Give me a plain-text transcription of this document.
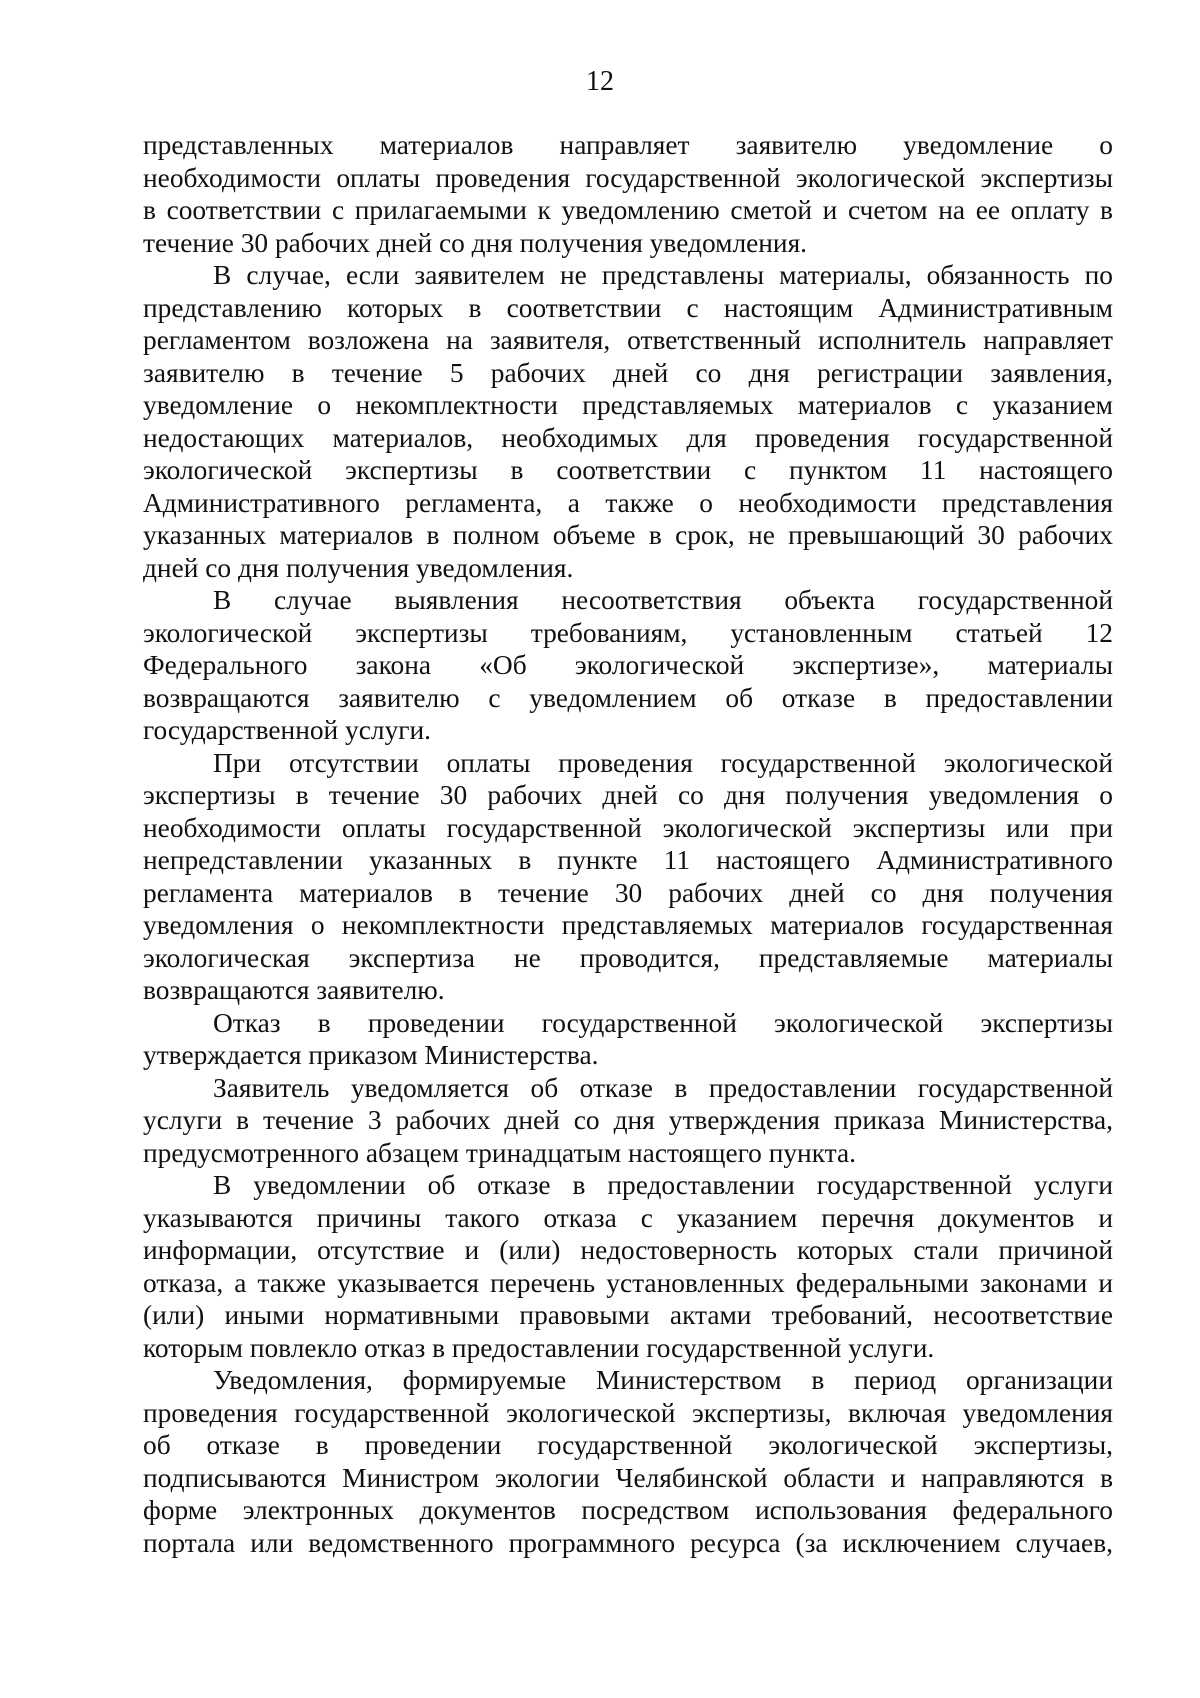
12

представленных материалов направляет заявителю уведомление о

необходимости оплаты проведения государственной экологической экспертизы

в соответствии с прилагаемыми к уведомлению сметой и счетом на ее оплату в

течение 30 рабочих дней со дня получения уведомления.

В случае, если заявителем не представлены материалы, обязанность по

представлению которых в соответствии с настоящим Административным

регламентом возложена на заявителя, ответственный исполнитель направляет

заявителю в течение 5 рабочих дней со дня регистрации заявления,

уведомление о некомплектности представляемых материалов с указанием

недостающих материалов, необходимых для проведения государственной

экологической экспертизы в соответствии с пунктом 11 настоящего

Административного регламента, а также о необходимости представления

указанных материалов в полном объеме в срок, не превышающий 30 рабочих

дней со дня получения уведомления.

В случае выявления несоответствия объекта государственной

экологической экспертизы требованиям, установленным статьей 12

Федерального закона «Об экологической экспертизе», материалы

возвращаются заявителю с уведомлением об отказе в предоставлении

государственной услуги.

При отсутствии оплаты проведения государственной экологической

экспертизы в течение 30 рабочих дней со дня получения уведомления о

необходимости оплаты государственной экологической экспертизы или при

непредставлении указанных в пункте 11 настоящего Административного

регламента материалов в течение 30 рабочих дней со дня получения

уведомления о некомплектности представляемых материалов государственная

экологическая экспертиза не проводится, представляемые материалы

возвращаются заявителю.

Отказ в проведении государственной экологической экспертизы

утверждается приказом Министерства.

Заявитель уведомляется об отказе в предоставлении государственной

услуги в течение 3 рабочих дней со дня утверждения приказа Министерства,

предусмотренного абзацем тринадцатым настоящего пункта.

В уведомлении об отказе в предоставлении государственной услуги

указываются причины такого отказа с указанием перечня документов и

информации, отсутствие и (или) недостоверность которых стали причиной

отказа, а также указывается перечень установленных федеральными законами и

(или) иными нормативными правовыми актами требований, несоответствие

которым повлекло отказ в предоставлении государственной услуги.

Уведомления, формируемые Министерством в период организации

проведения государственной экологической экспертизы, включая уведомления

об отказе в проведении государственной экологической экспертизы,

подписываются Министром экологии Челябинской области и направляются в

форме электронных документов посредством использования федерального

портала или ведомственного программного ресурса (за исключением случаев,
